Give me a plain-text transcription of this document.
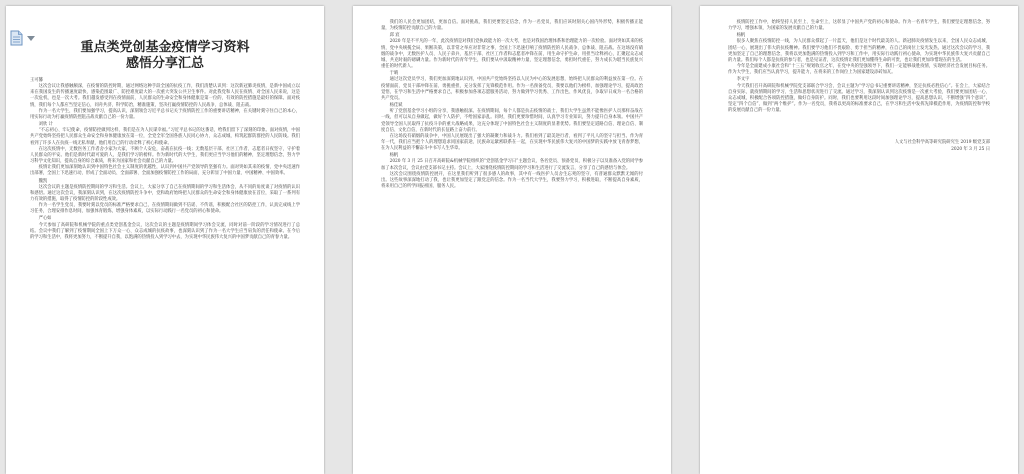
重点类党创基金疫情学习资料
感悟分享汇总

王可馨

这次会议让我感触颇深，在疫情的防控时期，通过网络这种手段全国的抗疫工作，我们清楚认识到：这次新冠肺炎疫情，是新中国成立以来在我国发生的传播速度最快、感染范围最广、防控难度最大的一次重大突发公共卫生事件。对此我党和人民在疫情、对全国人民来说，这是一次危机，也是一次大考。我们越发感受到在疫情面前，人民群众的生命安全和身体健康是第一位的，有效的防控措施是最好的保障。面对疫情，我们每个人都应当坚定信心，同舟共济，科学防治，精准施策，坚决打赢疫情防控的人民战争、总体战、阻击战。

作为一名大学生，我们要加强学习，提高认识，深刻领会习近平总书记关于疫情防控工作的重要讲话精神，在关键时刻守住自己的本心，用实际行动为打赢疫情防控阻击战贡献自己的一份力量。

刘欣 计

“不忘初心、牢记使命，疫情防控做到这样，我们是在为人民谋幸福。”习近平总书记的这番话，给我们留下了深刻的印象。面对疫情，中国共产党始终坚持把人民群众生命安全和身体健康放在第一位，全党全军全国各族人民同心协力，众志成城，构筑起群防群控的人民防线。我们看到了许多人在抗疫一线无私奉献，他们用自己的行动诠释了初心和使命。

在这次疫情中，无数医务工作者舍小家为大家，不顾个人安危，奋战在抗疫一线；无数基层干部、社区工作者、志愿者日夜坚守，守护着人民群众的平安。他们是新时代最可爱的人，是我们学习的榜样。作为新时代的大学生，我们更应当学习他们的精神，坚定理想信念，努力学习科学文化知识，提高自身的综合素质，将来为国家和社会贡献自己的力量。

疫情让我们更加深刻地认识到中国特色社会主义制度的优越性，认识到中国共产党领导的坚强有力。面对突如其来的疫情，党中央迅速作出部署，全国上下迅速行动，形成了全面动员、全面部署、全面加强疫情防控工作的局面，充分彰显了中国力量、中国精神、中国效率。

魏凯

这次会议的主题是疫情防控期间的学习和生活。会议上，大家分享了自己在疫情期间的学习和生活体会，从不同的角度谈了对疫情的认识和感悟。通过这次会议，我深刻认识到，在这次疫情防控斗争中，党和政府始终把人民群众的生命安全和身体健康放在首位，采取了一系列有力有效的措施，取得了疫情防控的阶段性成效。

作为一名学生党员，我要时刻以党员的标准严格要求自己，在疫情期间做到不信谣、不传谣，积极配合社区的防控工作，认真完成线上学习任务，合理安排作息时间，加强体育锻炼，增强身体素质，以实际行动践行一名党员的初心和使命。

严心如

今天参加了高研院和机械学院的重点类党创基金会议，这次会议的主题是疫情期间学习体会交流，同时对前一阶段的学习情况进行了总结。会议中我们了解到了疫情期间全国上下万众一心、众志成城的抗疫故事，也深刻认识到了作为一名大学生应当肩负的责任和使命。在今后的学习和生活中，我将更加努力，不断提升自我，以饱满的热情投入到学习中去，为实现中华民族伟大复兴的中国梦贡献自己的青春力量。

我们的人民会更加团结，更加自信。面对挑战，我们更要坚定信念，作为一名党员，我们应该时刻关心国内外形势，积极传播正能量，为疫情防控贡献自己的力量。

邱 宸

2020 年是不平凡的一年，此次疫情是对我们党执政能力的一次大考，也是对我国治理体系和治理能力的一次检验。面对突如其来的疫情，党中央统揽全局、果断决策，以非常之举应对非常之事，全国上下迅速打响了疫情防控的人民战争、总体战、阻击战。在这场没有硝烟的战争中，无数医护人员、人民子弟兵、基层干部、社区工作者和志愿者冲锋在前，用生命守护生命，用担当诠释初心，汇聚起众志成城、共克时艰的磅礴力量。作为新时代的青年学生，我们要从中汲取精神力量，坚定理想信念，勇担时代重任，努力成长为堪当民族复兴重任的时代新人。

于晴

通过这次党员学习，我们更加深刻地认识到，中国共产党始终坚持以人民为中心的发展思想，始终把人民群众的利益放在第一位。在疫情面前，党员干部冲锋在前、勇挑重担，充分发挥了先锋模范作用。作为一名预备党员，我要以他们为榜样，加强理论学习，提高政治觉悟，在学习和生活中严格要求自己，积极参加各项志愿服务活动，努力做到学习优秀、工作出色、作风优良，争取早日成为一名合格的共产党员。

杨佳斌

听了党创基金学习小组的分享，我感触很深。在疫情期间，每个人都是抗击疫情的战士，我们大学生虽然不能像医护人员那样奋战在一线，但可以从自身做起，做好个人防护，不给国家添乱。同时，我们更要珍惜时间，认真学习专业知识，努力提升自身本领。中国共产党领导全国人民取得了抗疫斗争的重大战略成果，这充分体现了中国特色社会主义制度的显著优势。我们要坚定道路自信、理论自信、制度自信、文化自信，在新时代的长征路上奋力前行。

在这场没有硝烟的战争中，中国人民展现出了强大的凝聚力和战斗力。我们看到了最美逆行者，看到了平凡人的坚守与担当。作为青年一代，我们应当把个人的理想追求同国家前途、民族命运紧密联系在一起，在实现中华民族伟大复兴的中国梦的实践中放飞青春梦想，在为人民利益的不懈奋斗中书写人生华章。

杨帆

2020 年 3 月 25 日召开高研院&机械学院组织的“党创基金学习日”主题会议，各名党员、预备党员、积极分子以及准备入党的同学参加了本次会议，会议由党支部书记主持。会议上，大家围绕疫情防控期间的学习和生活进行了交流发言，分享了自己的感悟与体会。

这次会议围绕疫情防控展开，在这里我们听到了很多感人的故事，其中有一线医护人员舍生忘死的坚守，有普通群众默默无闻的付出。这些故事深深地打动了我，也让我更加坚定了跟党走的信念。作为一名当代大学生，我要努力学习，积极进取，不断提高自身素质，将来用自己的所学回报祖国、服务人民。

疫情防控工作中，始终坚持人民至上、生命至上，这彰显了中国共产党的初心和使命。作为一名青年学生，我们要坚定理想信念，努力学习，增强本领，为国家的发展贡献自己的力量。

杨帆

很多人聚焦在疫情防控一线，为人民群众撑起了一片蓝天，他们是这个时代最美的人。新冠肺炎疫情发生以来，全国人民众志成城、团结一心，展现出了伟大的抗疫精神。我们要学习他们不畏艰险、勇于担当的精神，在自己的岗位上发光发热。通过这次会议的学习，我更加坚定了自己的理想信念，我将以更加饱满的热情投入到学习和工作中，用实际行动践行初心使命，为实现中华民族伟大复兴贡献自己的力量。我们每个人都是抗疫的参与者，也是见证者，这次疫情让我们更加懂得生命的可贵，也让我们更加珍惜现在的生活。

今年是全面建成小康社会和“十三五”规划收官之年，在党中央的坚强领导下，我们一定能够战胜疫情，实现经济社会发展目标任务。作为大学生，我们应当认真学习，提升能力，在将来的工作岗位上为国家建设添砖加瓦。

李文宇

今天我们召开高研院和机械学院党支部联合学习会，会议主题为“学习总书记重要讲话精神，坚定抗疫必胜信心”。在会上，大家结合自身实际，就疫情期间的学习、生活和思想状况进行了交流。通过学习，我深刻认识到这次疫情是一次重大考验，我们要更加团结一心、众志成城，积极配合各项防控措施，做好自身防护。同时，我们也要利用这段时间加强理论学习，提高思想认识，不断增强“四个意识”、坚定“四个自信”、做到“两个维护”。作为一名党员，我将以更高的标准要求自己，在学习和生活中发挥先锋模范作用，为疫情防控和学校的发展贡献自己的一份力量。

人文与社会科学高等研究院研究生 2019 级党支部

2020 年 3 月 25 日
